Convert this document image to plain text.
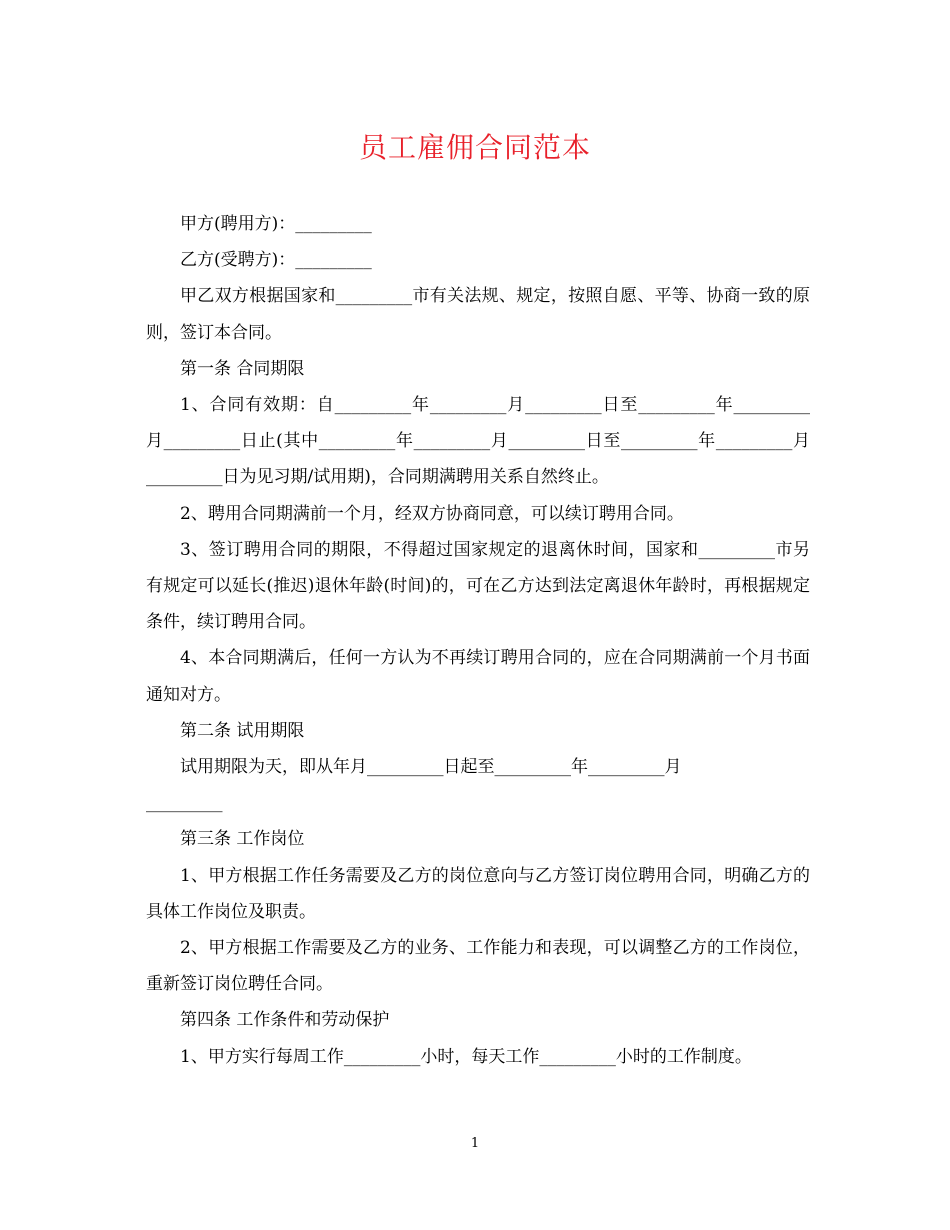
员工雇佣合同范本

甲方(聘用方)：_________

乙方(受聘方)：_________

甲乙双方根据国家和_________市有关法规、规定，按照自愿、平等、协商一致的原则，签订本合同。

第一条 合同期限

1、合同有效期：自_________年_________月_________日至_________年_________月_________日止(其中_________年_________月_________日至_________年_________月_________日为见习期/试用期)，合同期满聘用关系自然终止。

2、聘用合同期满前一个月，经双方协商同意，可以续订聘用合同。

3、签订聘用合同的期限，不得超过国家规定的退离休时间，国家和_________市另有规定可以延长(推迟)退休年龄(时间)的，可在乙方达到法定离退休年龄时，再根据规定条件，续订聘用合同。

4、本合同期满后，任何一方认为不再续订聘用合同的，应在合同期满前一个月书面通知对方。

第二条 试用期限

试用期限为天，即从年月_________日起至_________年_________月

_________

第三条 工作岗位

1、甲方根据工作任务需要及乙方的岗位意向与乙方签订岗位聘用合同，明确乙方的具体工作岗位及职责。

2、甲方根据工作需要及乙方的业务、工作能力和表现，可以调整乙方的工作岗位，重新签订岗位聘任合同。

第四条 工作条件和劳动保护

1、甲方实行每周工作_________小时，每天工作_________小时的工作制度。

1
